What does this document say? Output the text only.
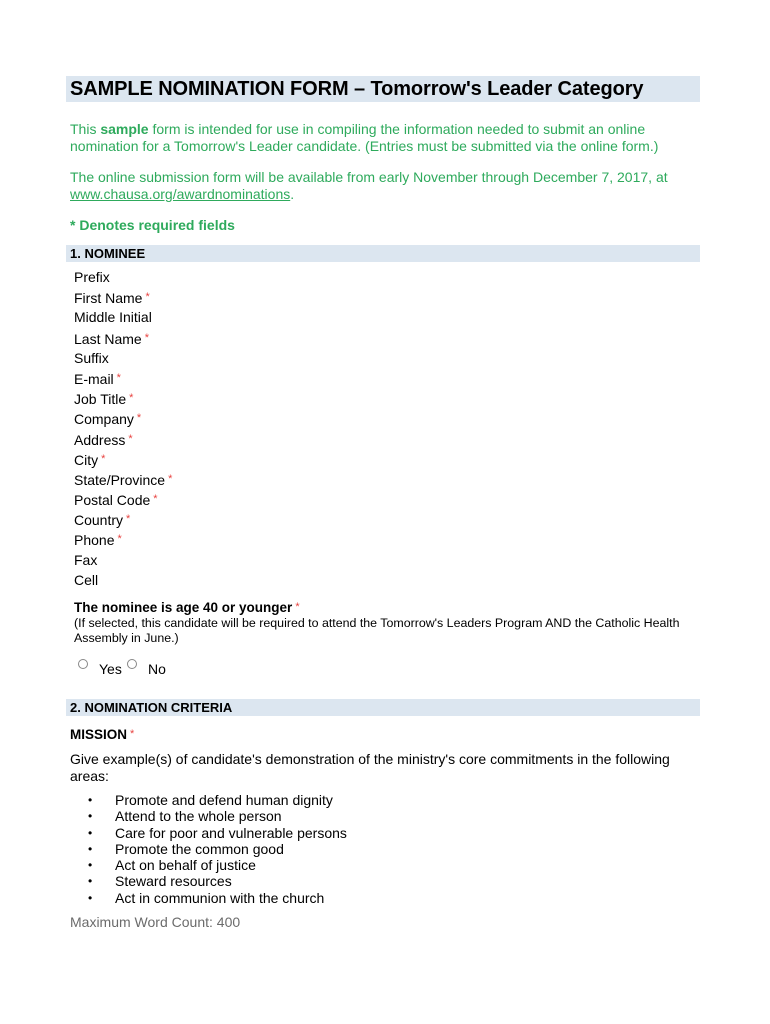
SAMPLE NOMINATION FORM – Tomorrow's Leader Category

This sample form is intended for use in compiling the information needed to submit an online nomination for a Tomorrow's Leader candidate. (Entries must be submitted via the online form.)

The online submission form will be available from early November through December 7, 2017, at www.chausa.org/awardnominations.

* Denotes required fields
1. NOMINEE
Prefix
First Name *
Middle Initial
Last Name *
Suffix
E-mail *
Job Title *
Company *
Address *
City *
State/Province *
Postal Code *
Country *
Phone *
Fax
Cell
The nominee is age 40 or younger *
(If selected, this candidate will be required to attend the Tomorrow's Leaders Program AND the Catholic Health Assembly in June.)
Yes No
2. NOMINATION CRITERIA
MISSION *
Give example(s) of candidate's demonstration of the ministry's core commitments in the following areas:
• Promote and defend human dignity
• Attend to the whole person
• Care for poor and vulnerable persons
• Promote the common good
• Act on behalf of justice
• Steward resources
• Act in communion with the church
Maximum Word Count: 400
